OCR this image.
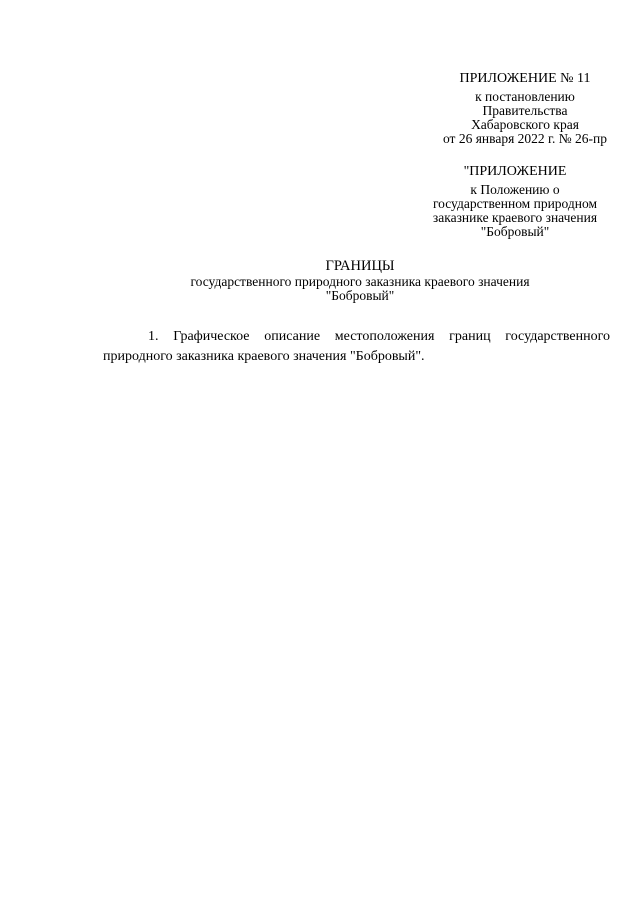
ПРИЛОЖЕНИЕ № 11
к постановлению
Правительства
Хабаровского края
от 26 января 2022 г. № 26-пр
"ПРИЛОЖЕНИЕ
к Положению о
государственном природном
заказнике краевого значения
"Бобровый"
ГРАНИЦЫ
государственного природного заказника краевого значения
"Бобровый"
1. Графическое описание местоположения границ государственного
природного заказника краевого значения "Бобровый".
